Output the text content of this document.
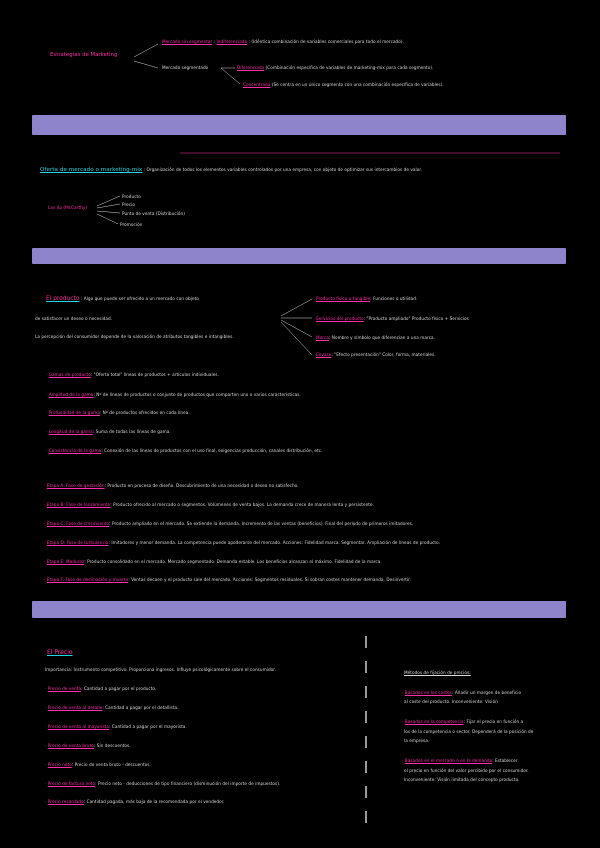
Estrategias de Marketing
Mercado sin segmentar : Indiferenciada : (Idéntica combinación de variables comerciales para todo el mercado).
Mercado segmentado	Diferenciada (Combinación específica de variables de marketing-mix para cada segmento).
Concentrada (Se centra en un único segmento con una combinación específica de variables).
Oferta de mercado o marketing-mix : Organización de todos los elementos variables controlados por una empresa, con objeto de optimizar sus intercambios de valor.
Las 4p (McCarthy)
Producto
Precio
Punto de venta (Distribución)
Promoción
El producto : Algo que puede ser ofrecido a un mercado con objeto
de satisfacer un deseo o necesidad.
La percepción del consumidor depende de la valoración de atributos tangibles e intangibles.
Producto físico o tangible: Funciones o utilidad.
Servicios del producto: "Producto ampliado" Producto físico + Servicios
Marca: Nombre y símbolo que diferencian a una marca.
Envase: "Efecto presentación" Color, forma, materiales.
· Gamas de producto: "Oferta total" líneas de productos + artículos individuales.
· Amplitud de la gama: Nº de líneas de productos o conjunto de productos que comparten uno o varios características.
· Profundidad de la gama: Nº de productos ofrecidos en cada línea.
· Longitud de la gama: Suma de todas las líneas de gama.
· Consistencia de la gama: Conexión de las líneas de productos con el uso final, exigencias producción, canales distribución, etc.
· Etapa A: Fase de gestación: Producto en proceso de diseño. Descubrimiento de una necesidad o deseo no satisfecho.
· Etapa B: Fase de lanzamiento: Producto ofrecido al mercado o segmentos. Volúmenes de venta bajos. La demanda crece de manera lenta y persistente.
· Etapa C: Fase de crecimiento: Producto ampliado en el mercado. Se extiende la demanda. Incremento de las ventas (beneficios). Final del período de primeros imitadores.
· Etapa D: Fase de turbulencia: Imitadores y menor demanda. La competencia puede apoderarse del mercado. Acciones: Fidelidad marca. Segmentar. Ampliación de líneas de producto.
· Etapa E: Madurez: Producto consolidado en el mercado. Mercado segmentado. Demanda estable. Los beneficios alcanzan el máximo. Fidelidad de la marca.
· Etapa F: Fase de declinación y muerte: Ventas decaen y el producto sale del mercado. Acciones: Segmentos residuales. Si sobran costes mantener demanda. Desinvertir.
El Precio
Importancia: Instrumento competitivo. Proporciona ingresos. Influye psicológicamente sobre el consumidor.
· Precio de venta: Cantidad a pagar por el producto.
· Precio de venta al detalle: Cantidad a pagar por el detallista.
· Precio de venta al mayorista: Cantidad a pagar por el mayorista.
· Precio de venta bruto: Sin descuentos.
· Precio neto: Precio de venta bruto - descuentos.
· Precio de factura neto: Precio neto - deducciones de tipo financiero (disminución del importe de impuestos).
· Precio recordado: Cantidad pagada, más baja de la recomendada por el vendedor.
Métodos de fijación de precios:
· Basados en los costes: Añadir un margen de beneficio
al coste del producto. Inconveniente: Visión
· Basados en la competencia: Fijar el precio en función a
los de la competencia o sector. Dependerá de la posición de
la empresa.
· Basados en el mercado o en la demanda: Establecer
el precio en función del valor percibido por el consumidor.
Inconveniente: Visión limitada del concepto producto.
